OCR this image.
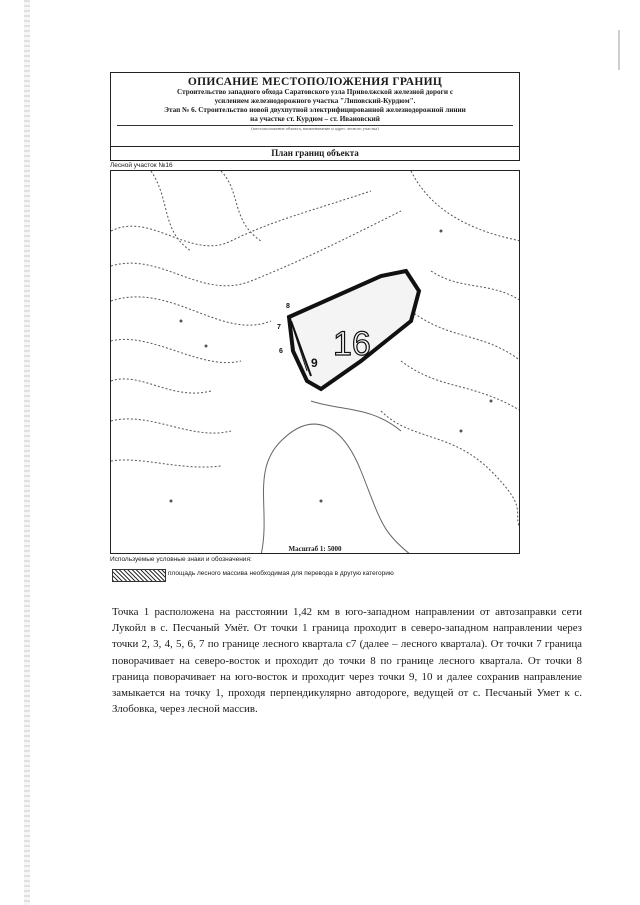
ОПИСАНИЕ МЕСТОПОЛОЖЕНИЯ ГРАНИЦ
Строительство западного обхода Саратовского узла Приволжской железной дороги с
усилением железнодорожного участка "Липовский-Курдюм".
Этап № 6. Строительство новой двухпутной электрифицированной железнодорожной линии
на участке ст. Курдюм – ст. Ивановский
(местоположение объекта, наименование и адрес лесного участка)
План границ объекта
Лесной участок №16
16
8
7
6
9
Масштаб 1: 5000
Используемые условные знаки и обозначения:
площадь лесного массива необходимая для перевода в другую категорию
Точка 1 расположена на расстоянии 1,42 км в юго-западном направлении от автозаправки сети Лукойл в с. Песчаный Умёт. От точки 1 граница проходит в северо-западном направлении через точки 2, 3, 4, 5, 6, 7 по границе лесного квартала с7 (далее – лесного квартала). От точки 7 граница поворачивает на северо-восток и проходит до точки 8 по границе лесного квартала. От точки 8 граница поворачивает на юго-восток и проходит через точки 9, 10 и далее сохранив направление замыкается на точку 1, проходя перпендикулярно автодороге, ведущей от с. Песчаный Умет к с. Злобовка, через лесной массив.
